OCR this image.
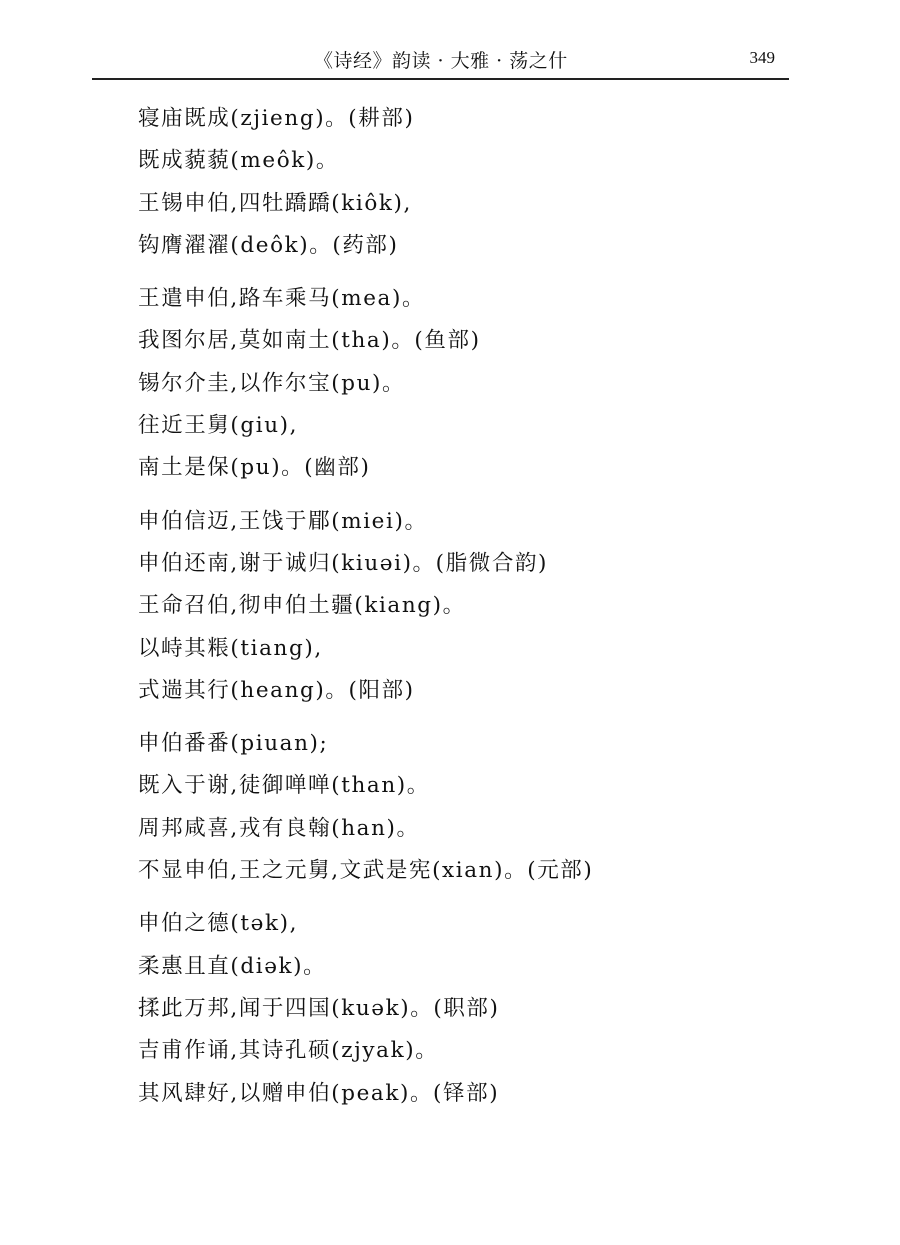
《诗经》韵读 · 大雅 · 荡之什	349
寝庙既成(zjieng)。(耕部)
既成藐藐(meôk)。
王锡申伯,四牡蹻蹻(kiôk),
钩膺濯濯(deôk)。(药部)
王遣申伯,路车乘马(mea)。
我图尔居,莫如南土(tha)。(鱼部)
锡尔介圭,以作尔宝(pu)。
往近王舅(giu),
南土是保(pu)。(幽部)
申伯信迈,王饯于郿(miei)。
申伯还南,谢于诚归(kiuəi)。(脂微合韵)
王命召伯,彻申伯土疆(kiang)。
以峙其粻(tiang),
式遄其行(heang)。(阳部)
申伯番番(piuan);
既入于谢,徒御啴啴(than)。
周邦咸喜,戎有良翰(han)。
不显申伯,王之元舅,文武是宪(xian)。(元部)
申伯之德(tək),
柔惠且直(diək)。
揉此万邦,闻于四国(kuək)。(职部)
吉甫作诵,其诗孔硕(zjyak)。
其风肆好,以赠申伯(peak)。(铎部)
